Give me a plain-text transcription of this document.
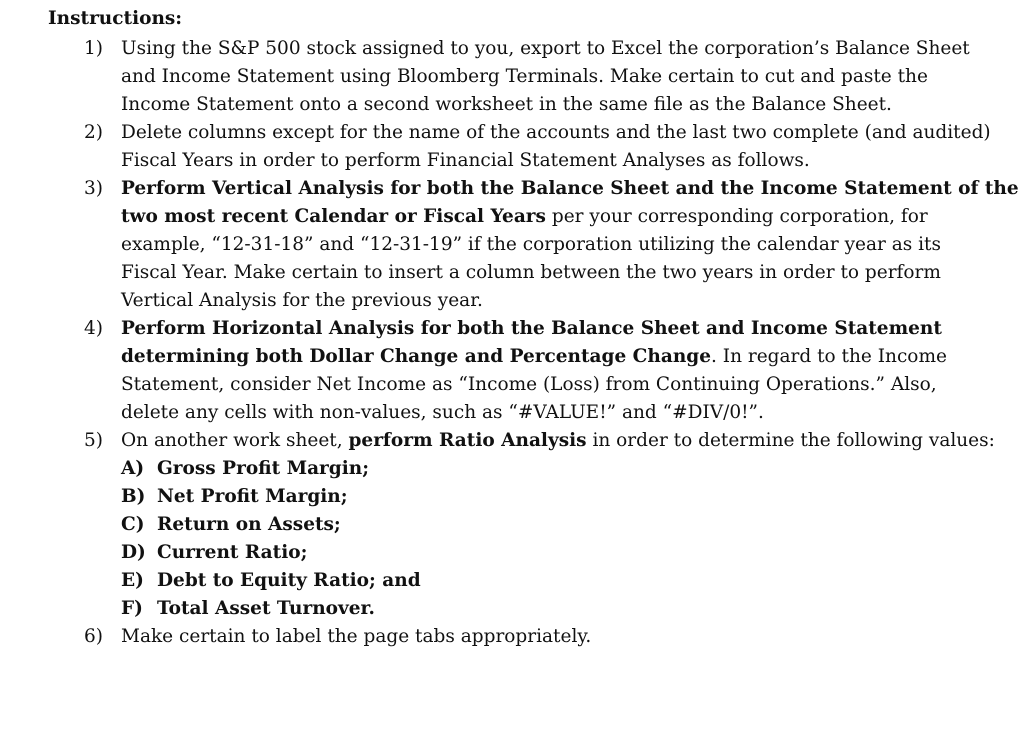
Instructions:
1) Using the S&P 500 stock assigned to you, export to Excel the corporation’s Balance Sheet
and Income Statement using Bloomberg Terminals. Make certain to cut and paste the
Income Statement onto a second worksheet in the same file as the Balance Sheet.
2) Delete columns except for the name of the accounts and the last two complete (and audited)
Fiscal Years in order to perform Financial Statement Analyses as follows.
3) Perform Vertical Analysis for both the Balance Sheet and the Income Statement of the
two most recent Calendar or Fiscal Years per your corresponding corporation, for
example, “12-31-18” and “12-31-19” if the corporation utilizing the calendar year as its
Fiscal Year. Make certain to insert a column between the two years in order to perform
Vertical Analysis for the previous year.
4) Perform Horizontal Analysis for both the Balance Sheet and Income Statement
determining both Dollar Change and Percentage Change. In regard to the Income
Statement, consider Net Income as “Income (Loss) from Continuing Operations.” Also,
delete any cells with non-values, such as “#VALUE!” and “#DIV/0!”.
5) On another work sheet, perform Ratio Analysis in order to determine the following values:
A) Gross Profit Margin;
B) Net Profit Margin;
C) Return on Assets;
D) Current Ratio;
E) Debt to Equity Ratio; and
F) Total Asset Turnover.
6) Make certain to label the page tabs appropriately.
